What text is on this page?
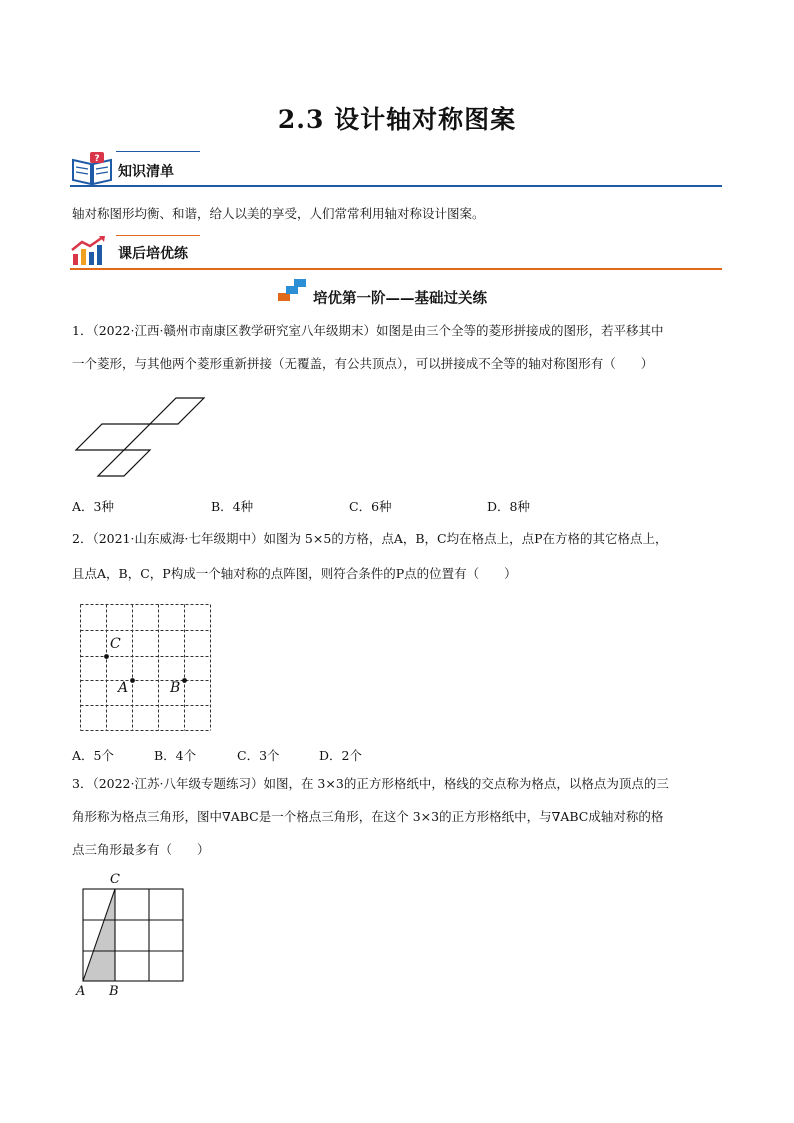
2.3 设计轴对称图案
?
知识清单
轴对称图形均衡、和谐，给人以美的享受，人们常常利用轴对称设计图案。
课后培优练
培优第一阶——基础过关练
1．（2022·江西·赣州市南康区教学研究室八年级期末）如图是由三个全等的菱形拼接成的图形，若平移其中
一个菱形，与其他两个菱形重新拼接（无覆盖，有公共顶点），可以拼接成不全等的轴对称图形有（　　）
A．3种	B．4种	C．6种	D．8种
2．（2021·山东威海·七年级期中）如图为 5×5的方格，点A，B，C均在格点上，点P在方格的其它格点上，
且点A，B，C，P构成一个轴对称的点阵图，则符合条件的P点的位置有（　　）
C
A	B
A．5个	B．4个	C．3个	D．2个
3．（2022·江苏·八年级专题练习）如图，在 3×3的正方形格纸中，格线的交点称为格点，以格点为顶点的三
角形称为格点三角形，图中∇ABC是一个格点三角形，在这个 3×3的正方形格纸中，与∇ABC成轴对称的格
点三角形最多有（　　）
C
A B
